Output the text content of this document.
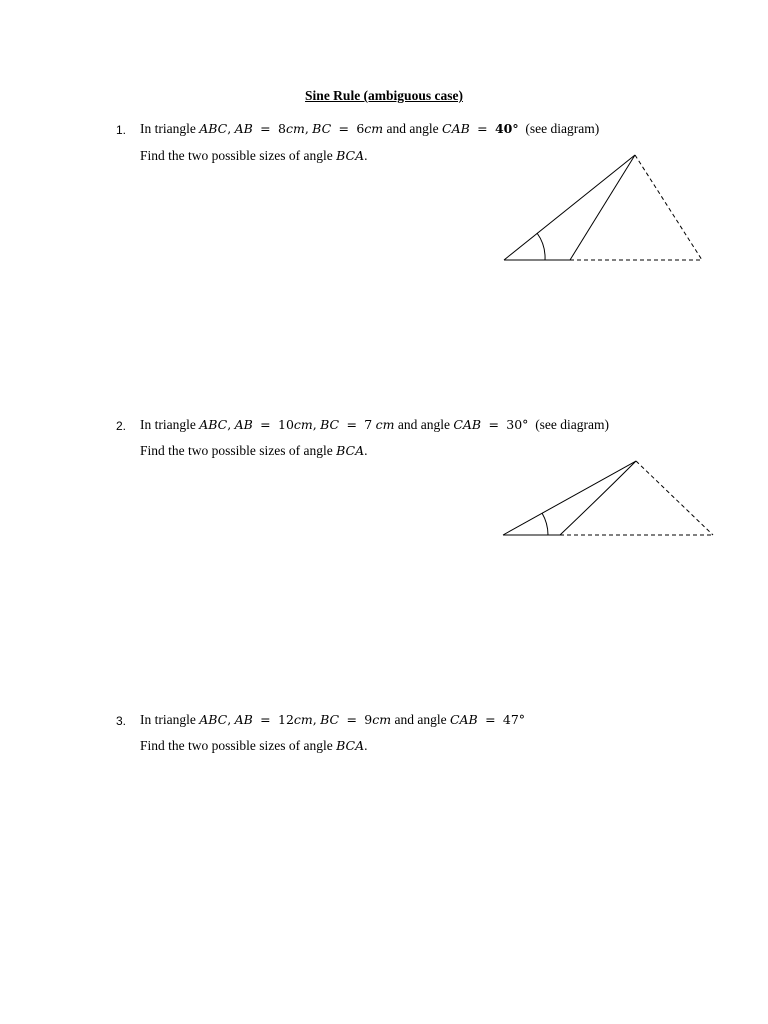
Sine Rule (ambiguous case)
1. In triangle ABC, AB  =  8cm, BC  =  6cm and angle CAB  =  40° (see diagram)
Find the two possible sizes of angle BCA.
2. In triangle ABC, AB  =  10cm, BC  =  7 cm and angle CAB  =  30° (see diagram)
Find the two possible sizes of angle BCA.
3. In triangle ABC, AB  =  12cm, BC  =  9cm and angle CAB  =  47°
Find the two possible sizes of angle BCA.
